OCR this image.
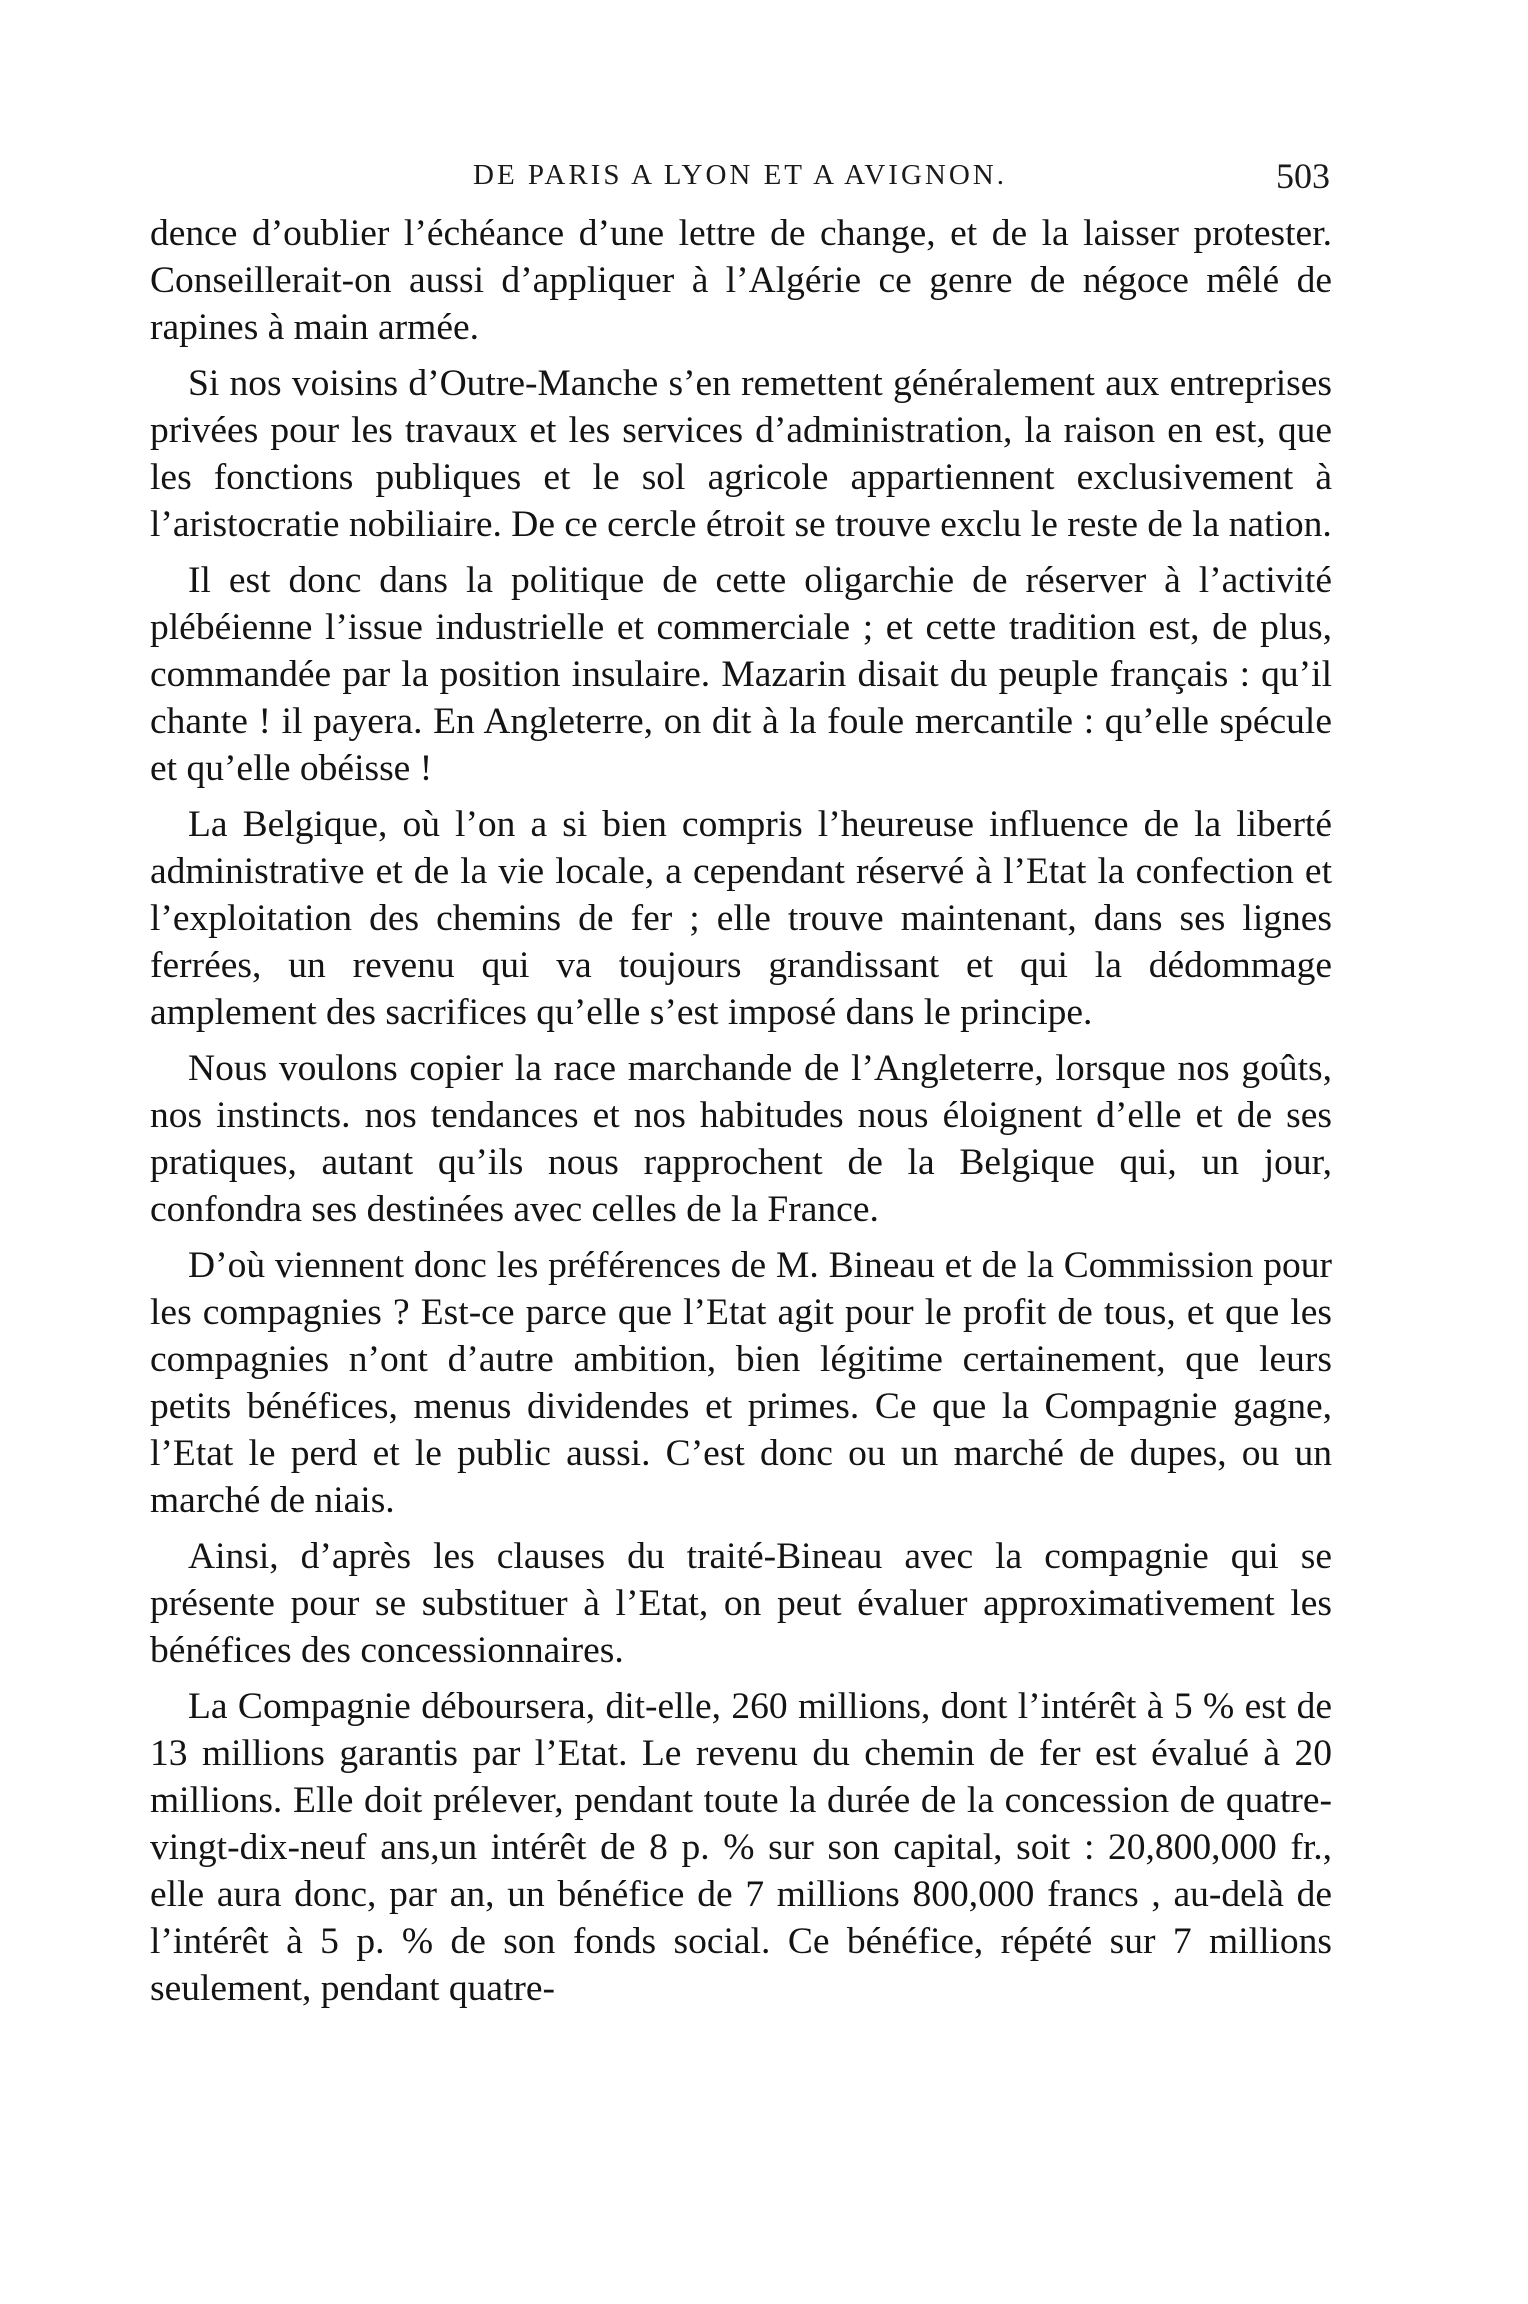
DE PARIS A LYON ET A AVIGNON.	503

dence d’oublier l’échéance d’une lettre de change, et de la laisser protester. Conseillerait-on aussi d’appliquer à l’Algérie ce genre de négoce mêlé de rapines à main armée.

Si nos voisins d’Outre-Manche s’en remettent généralement aux entreprises privées pour les travaux et les services d’administration, la raison en est, que les fonctions publiques et le sol agricole appartiennent exclusivement à l’aristocratie nobiliaire. De ce cercle étroit se trouve exclu le reste de la nation.

Il est donc dans la politique de cette oligarchie de réserver à l’activité plébéienne l’issue industrielle et commerciale ; et cette tradition est, de plus, commandée par la position insulaire. Mazarin disait du peuple français : qu’il chante ! il payera. En Angleterre, on dit à la foule mercantile : qu’elle spécule et qu’elle obéisse !

La Belgique, où l’on a si bien compris l’heureuse influence de la liberté administrative et de la vie locale, a cependant réservé à l’Etat la confection et l’exploitation des chemins de fer ; elle trouve maintenant, dans ses lignes ferrées, un revenu qui va toujours grandissant et qui la dédommage amplement des sacrifices qu’elle s’est imposé dans le principe.

Nous voulons copier la race marchande de l’Angleterre, lorsque nos goûts, nos instincts. nos tendances et nos habitudes nous éloignent d’elle et de ses pratiques, autant qu’ils nous rapprochent de la Belgique qui, un jour, confondra ses destinées avec celles de la France.

D’où viennent donc les préférences de M. Bineau et de la Commission pour les compagnies ? Est-ce parce que l’Etat agit pour le profit de tous, et que les compagnies n’ont d’autre ambition, bien légitime certainement, que leurs petits bénéfices, menus dividendes et primes. Ce que la Compagnie gagne, l’Etat le perd et le public aussi. C’est donc ou un marché de dupes, ou un marché de niais.

Ainsi, d’après les clauses du traité-Bineau avec la compagnie qui se présente pour se substituer à l’Etat, on peut évaluer approximativement les bénéfices des concessionnaires.

La Compagnie déboursera, dit-elle, 260 millions, dont l’intérêt à 5 % est de 13 millions garantis par l’Etat. Le revenu du chemin de fer est évalué à 20 millions. Elle doit prélever, pendant toute la durée de la concession de quatre-vingt-dix-neuf ans,un intérêt de 8 p. % sur son capital, soit : 20,800,000 fr., elle aura donc, par an, un bénéfice de 7 millions 800,000 francs , au-delà de l’intérêt à 5 p. % de son fonds social. Ce bénéfice, répété sur 7 millions seulement, pendant quatre-
